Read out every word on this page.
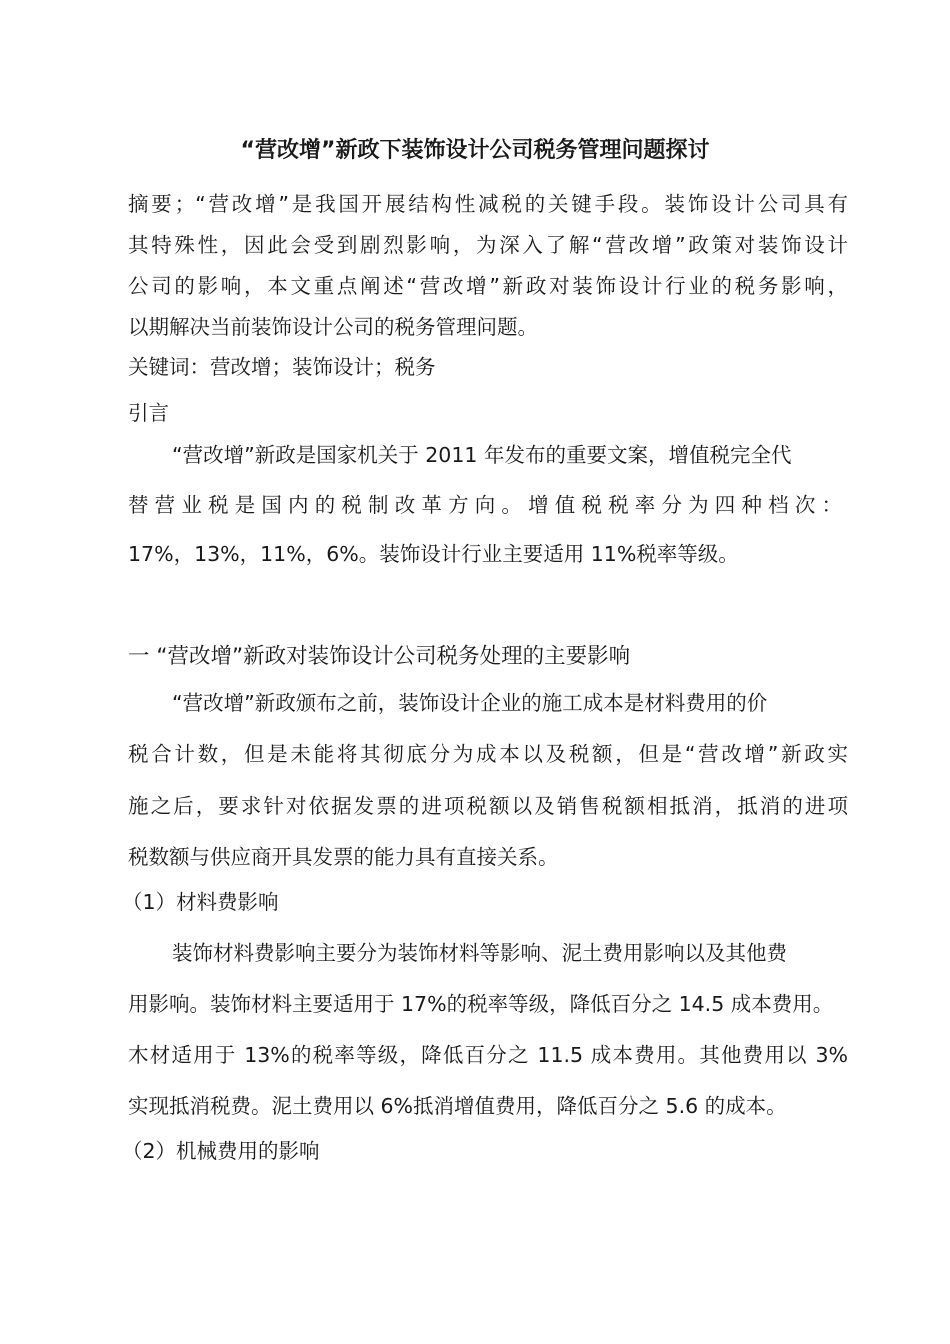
“营改增”新政下装饰设计公司税务管理问题探讨
摘要；“营改增”是我国开展结构性减税的关键手段。装饰设计公司具有
其特殊性，因此会受到剧烈影响，为深入了解“营改增”政策对装饰设计
公司的影响，本文重点阐述“营改增”新政对装饰设计行业的税务影响，
以期解决当前装饰设计公司的税务管理问题。
关键词：营改增；装饰设计；税务
引言
“营改增”新政是国家机关于 2011 年发布的重要文案，增值税完全代
替营业税是国内的税制改革方向。增值税税率分为四种档次：
17%，13%，11%，6%。装饰设计行业主要适用 11%税率等级。
一 “营改增”新政对装饰设计公司税务处理的主要影响
“营改增”新政颁布之前，装饰设计企业的施工成本是材料费用的价
税合计数，但是未能将其彻底分为成本以及税额，但是“营改增”新政实
施之后，要求针对依据发票的进项税额以及销售税额相抵消，抵消的进项
税数额与供应商开具发票的能力具有直接关系。
（1）材料费影响
装饰材料费影响主要分为装饰材料等影响、泥土费用影响以及其他费
用影响。装饰材料主要适用于 17%的税率等级，降低百分之 14.5 成本费用。
木材适用于 13%的税率等级，降低百分之 11.5 成本费用。其他费用以 3%
实现抵消税费。泥土费用以 6%抵消增值费用，降低百分之 5.6 的成本。
（2）机械费用的影响
